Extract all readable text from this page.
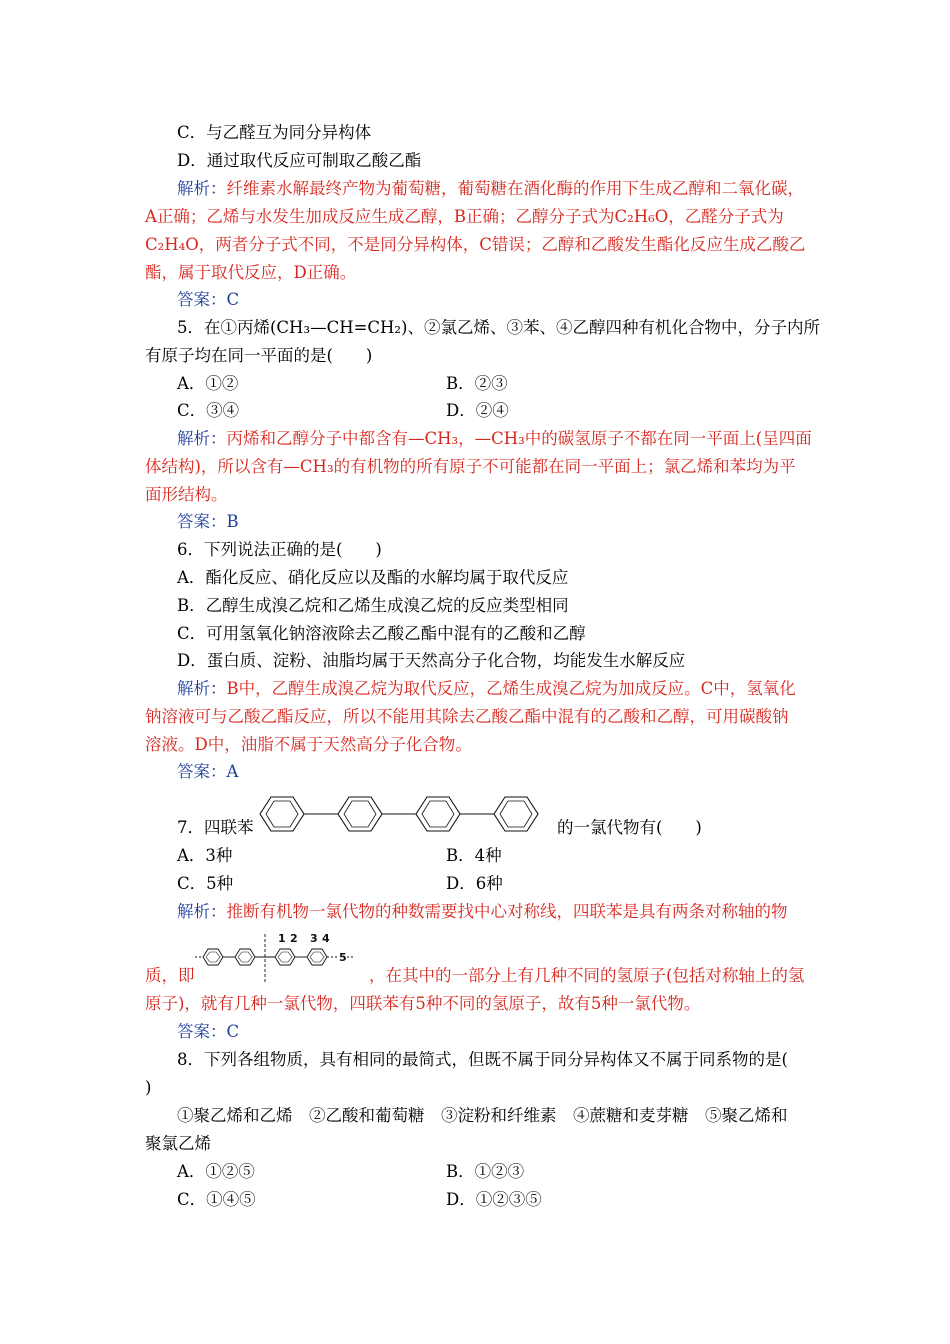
C．与乙醛互为同分异构体
D．通过取代反应可制取乙酸乙酯
解析：纤维素水解最终产物为葡萄糖，葡萄糖在酒化酶的作用下生成乙醇和二氧化碳，
A正确；乙烯与水发生加成反应生成乙醇，B正确；乙醇分子式为C₂H₆O，乙醛分子式为
C₂H₄O，两者分子式不同，不是同分异构体，C错误；乙醇和乙酸发生酯化反应生成乙酸乙
酯，属于取代反应，D正确。
答案：C
5．在①丙烯(CH₃—CH=CH₂)、②氯乙烯、③苯、④乙醇四种有机化合物中，分子内所
有原子均在同一平面的是(　　)
A．①②	B．②③
C．③④	D．②④
解析：丙烯和乙醇分子中都含有—CH₃，—CH₃中的碳氢原子不都在同一平面上(呈四面
体结构)，所以含有—CH₃的有机物的所有原子不可能都在同一平面上；氯乙烯和苯均为平
面形结构。
答案：B
6．下列说法正确的是(　　)
A．酯化反应、硝化反应以及酯的水解均属于取代反应
B．乙醇生成溴乙烷和乙烯生成溴乙烷的反应类型相同
C．可用氢氧化钠溶液除去乙酸乙酯中混有的乙酸和乙醇
D．蛋白质、淀粉、油脂均属于天然高分子化合物，均能发生水解反应
解析：B中，乙醇生成溴乙烷为取代反应，乙烯生成溴乙烷为加成反应。C中，氢氧化
钠溶液可与乙酸乙酯反应，所以不能用其除去乙酸乙酯中混有的乙酸和乙醇，可用碳酸钠
溶液。D中，油脂不属于天然高分子化合物。
答案：A
7．四联苯	的一氯代物有(　　)
A．3种	B．4种
C．5种	D．6种
解析：推断有机物一氯代物的种数需要找中心对称线，四联苯是具有两条对称轴的物
质，即
1 2 3 4
5
，在其中的一部分上有几种不同的氢原子(包括对称轴上的氢
原子)，就有几种一氯代物，四联苯有5种不同的氢原子，故有5种一氯代物。
答案：C
8．下列各组物质，具有相同的最简式，但既不属于同分异构体又不属于同系物的是(
)
①聚乙烯和乙烯　②乙酸和葡萄糖　③淀粉和纤维素　④蔗糖和麦芽糖　⑤聚乙烯和
聚氯乙烯
A．①②⑤	B．①②③
C．①④⑤	D．①②③⑤
